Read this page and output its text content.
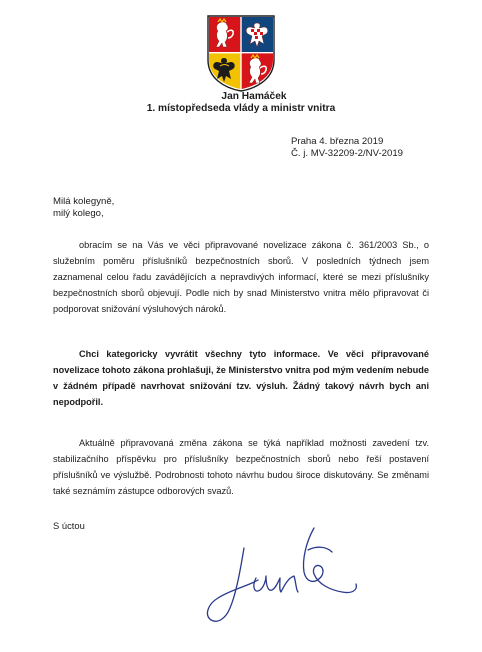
Jan Hamáček
1. místopředseda vlády a ministr vnitra
Praha 4. března 2019
Č. j. MV-32209-2/NV-2019
Milá kolegyně,
milý kolego,

obracím se na Vás ve věci připravované novelizace zákona č. 361/2003 Sb., o služebním poměru příslušníků bezpečnostních sborů. V posledních týdnech jsem zaznamenal celou řadu zavádějících a nepravdivých informací, které se mezi příslušníky bezpečnostních sborů objevují. Podle nich by snad Ministerstvo vnitra mělo připravovat či podporovat snižování výsluhových nároků.

Chci kategoricky vyvrátit všechny tyto informace. Ve věci připravované novelizace tohoto zákona prohlašuji, že Ministerstvo vnitra pod mým vedením nebude v žádném případě navrhovat snižování tzv. výsluh. Žádný takový návrh bych ani nepodpořil.

Aktuálně připravovaná změna zákona se týká například možnosti zavedení tzv. stabilizačního příspěvku pro příslušníky bezpečnostních sborů nebo řeší postavení příslušníků ve výslužbě. Podrobnosti tohoto návrhu budou široce diskutovány. Se změnami také seznámím zástupce odborových svazů.

S úctou
